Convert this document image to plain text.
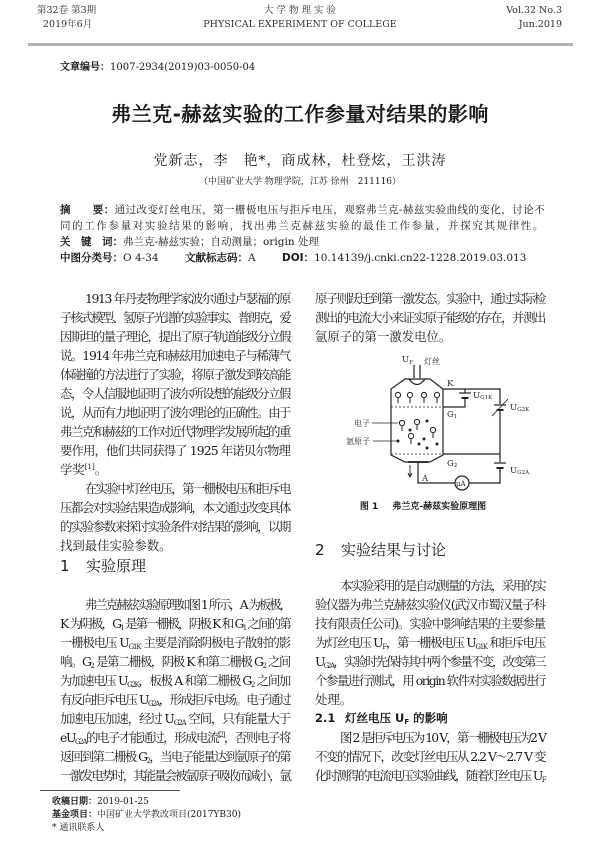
第32卷 第3期
2019年6月
大 学 物 理 实 验
PHYSICAL EXPERIMENT OF COLLEGE
Vol.32 No.3
Jun.2019
文章编号：1007-2934(2019)03-0050-04
弗兰克-赫兹实验的工作参量对结果的影响
党新志，李　艳*，商成林，杜登炫，王洪涛
（中国矿业大学 物理学院，江苏 徐州　211116）
摘　　要：通过改变灯丝电压，第一栅极电压与拒斥电压，观察弗兰克-赫兹实验曲线的变化，讨论不
同的工作参量对实验结果的影响，找出弗兰克赫兹实验的最佳工作参量，并探究其规律性。
关　键　词：弗兰克-赫兹实验；自动测量；origin 处理
中图分类号：O 4-34	文献标志码：A	DOI：10.14139/j.cnki.cn22-1228.2019.03.013
1913 年丹麦物理学家波尔通过卢瑟福的原
子核式模型、氢原子光谱的实验事实、普朗克，爱
因斯坦的量子理论，提出了原子轨道能级分立假
说。1914 年弗兰克和赫兹用加速电子与稀薄气
体碰撞的方法进行了实验，将原子激发到较高能
态，令人信服地证明了波尔所设想的能级分立假
说，从而有力地证明了波尔理论的正确性。由于
弗兰克和赫兹的工作对近代物理学发展所起的重
要作用，他们共同获得了 1925 年诺贝尔物理
学奖[1]。
在实验中灯丝电压，第一栅极电压和拒斥电
压都会对实验结果造成影响，本文通过改变具体
的实验参数来探讨实验条件对结果的影响，以期
找到最佳实验参数。
1 实验原理
弗兰克赫兹实验原理如图 1 所示，A 为板极，
K 为阴极，$G_1$ 是第一栅极，阴极 K 和 $G_1$ 之间的第
一栅极电压 $U_{G1K}$ 主要是消除阴极电子散射的影
响。$G_2$ 是第二栅极，阴极 K 和第二栅极 $G_2$ 之间
为加速电压 $U_{G2K}$，板极 A 和第二栅极 $G_2$ 之间加
有反向拒斥电压 $U_{G2A}$，形成拒斥电场。电子通过
加速电压加速，经过 $U_{G2A}$ 空间，只有能量大于
$eU_{G2A}$的电子才能通过，形成电流[2]，否则电子将
返回到第二栅极 $G_2$，当电子能量达到氩原子的第
一激发电势时，其能量会被氩原子吸收而减小，氩
原子则跃迁到第一激发态。实验中，通过实际检
测出的电流大小来证实原子能级的存在，并测出
氩原子的第一激发电位。
$U_F$ 灯丝
K
UG1K
UG2K
G1
G2	UG2A
A	μA
电子
氩原子
图 1 弗兰克-赫兹实验原理图
2 实验结果与讨论
本实验采用的是自动测量的方法，采用的实
验仪器为弗兰克赫兹实验仪(武汉市蜀汉量子科
技有限责任公司)。实验中影响结果的主要参量
为灯丝电压 $U_F$，第一栅极电压 $U_{G1K}$ 和拒斥电压
$U_{G2A}$，实验时先保持其中两个参量不变，改变第三
个参量进行测试，用 origin 软件对实验数据进行
处理。
2.1 灯丝电压 $U_F$ 的影响
图 2 是拒斥电压为 10 V，第一栅极电压为2 V
不变的情况下，改变灯丝电压从 2.2 V～2.7 V 变
化时测得的电流电压实验曲线，随着灯丝电压 $U_F$
收稿日期：2019-01-25
基金项目：中国矿业大学教改项目(2017YB30)
* 通讯联系人
